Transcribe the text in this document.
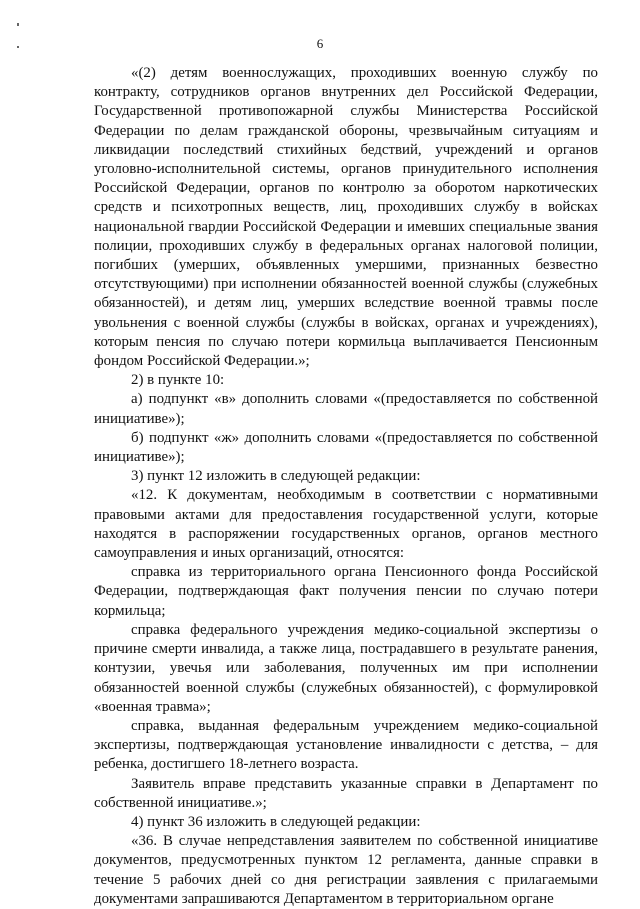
6

«(2) детям военнослужащих, проходивших военную службу по контракту, сотрудников органов внутренних дел Российской Федерации, Государственной противопожарной службы Министерства Российской Федерации по делам гражданской обороны, чрезвычайным ситуациям и ликвидации последствий стихийных бедствий, учреждений и органов уголовно-исполнительной системы, органов принудительного исполнения Российской Федерации, органов по контролю за оборотом наркотических средств и психотропных веществ, лиц, проходивших службу в войсках национальной гвардии Российской Федерации и имевших специальные звания полиции, проходивших службу в федеральных органах налоговой полиции, погибших (умерших, объявленных умершими, признанных безвестно отсутствующими) при исполнении обязанностей военной службы (служебных обязанностей), и детям лиц, умерших вследствие военной травмы после увольнения с военной службы (службы в войсках, органах и учреждениях), которым пенсия по случаю потери кормильца выплачивается Пенсионным фондом Российской Федерации.»;

2) в пункте 10:

а) подпункт «в» дополнить словами «(предоставляется по собственной инициативе»);

б) подпункт «ж» дополнить словами «(предоставляется по собственной инициативе»);

3) пункт 12 изложить в следующей редакции:

«12. К документам, необходимым в соответствии с нормативными правовыми актами для предоставления государственной услуги, которые находятся в распоряжении государственных органов, органов местного самоуправления и иных организаций, относятся:

справка из территориального органа Пенсионного фонда Российской Федерации, подтверждающая факт получения пенсии по случаю потери кормильца;

справка федерального учреждения медико-социальной экспертизы о причине смерти инвалида, а также лица, пострадавшего в результате ранения, контузии, увечья или заболевания, полученных им при исполнении обязанностей военной службы (служебных обязанностей), с формулировкой «военная травма»;

справка, выданная федеральным учреждением медико-социальной экспертизы, подтверждающая установление инвалидности с детства, – для ребенка, достигшего 18-летнего возраста.

Заявитель вправе представить указанные справки в Департамент по собственной инициативе.»;

4) пункт 36 изложить в следующей редакции:

«36. В случае непредставления заявителем по собственной инициативе документов, предусмотренных пунктом 12 регламента, данные справки в течение 5 рабочих дней со дня регистрации заявления с прилагаемыми документами запрашиваются Департаментом в территориальном органе
